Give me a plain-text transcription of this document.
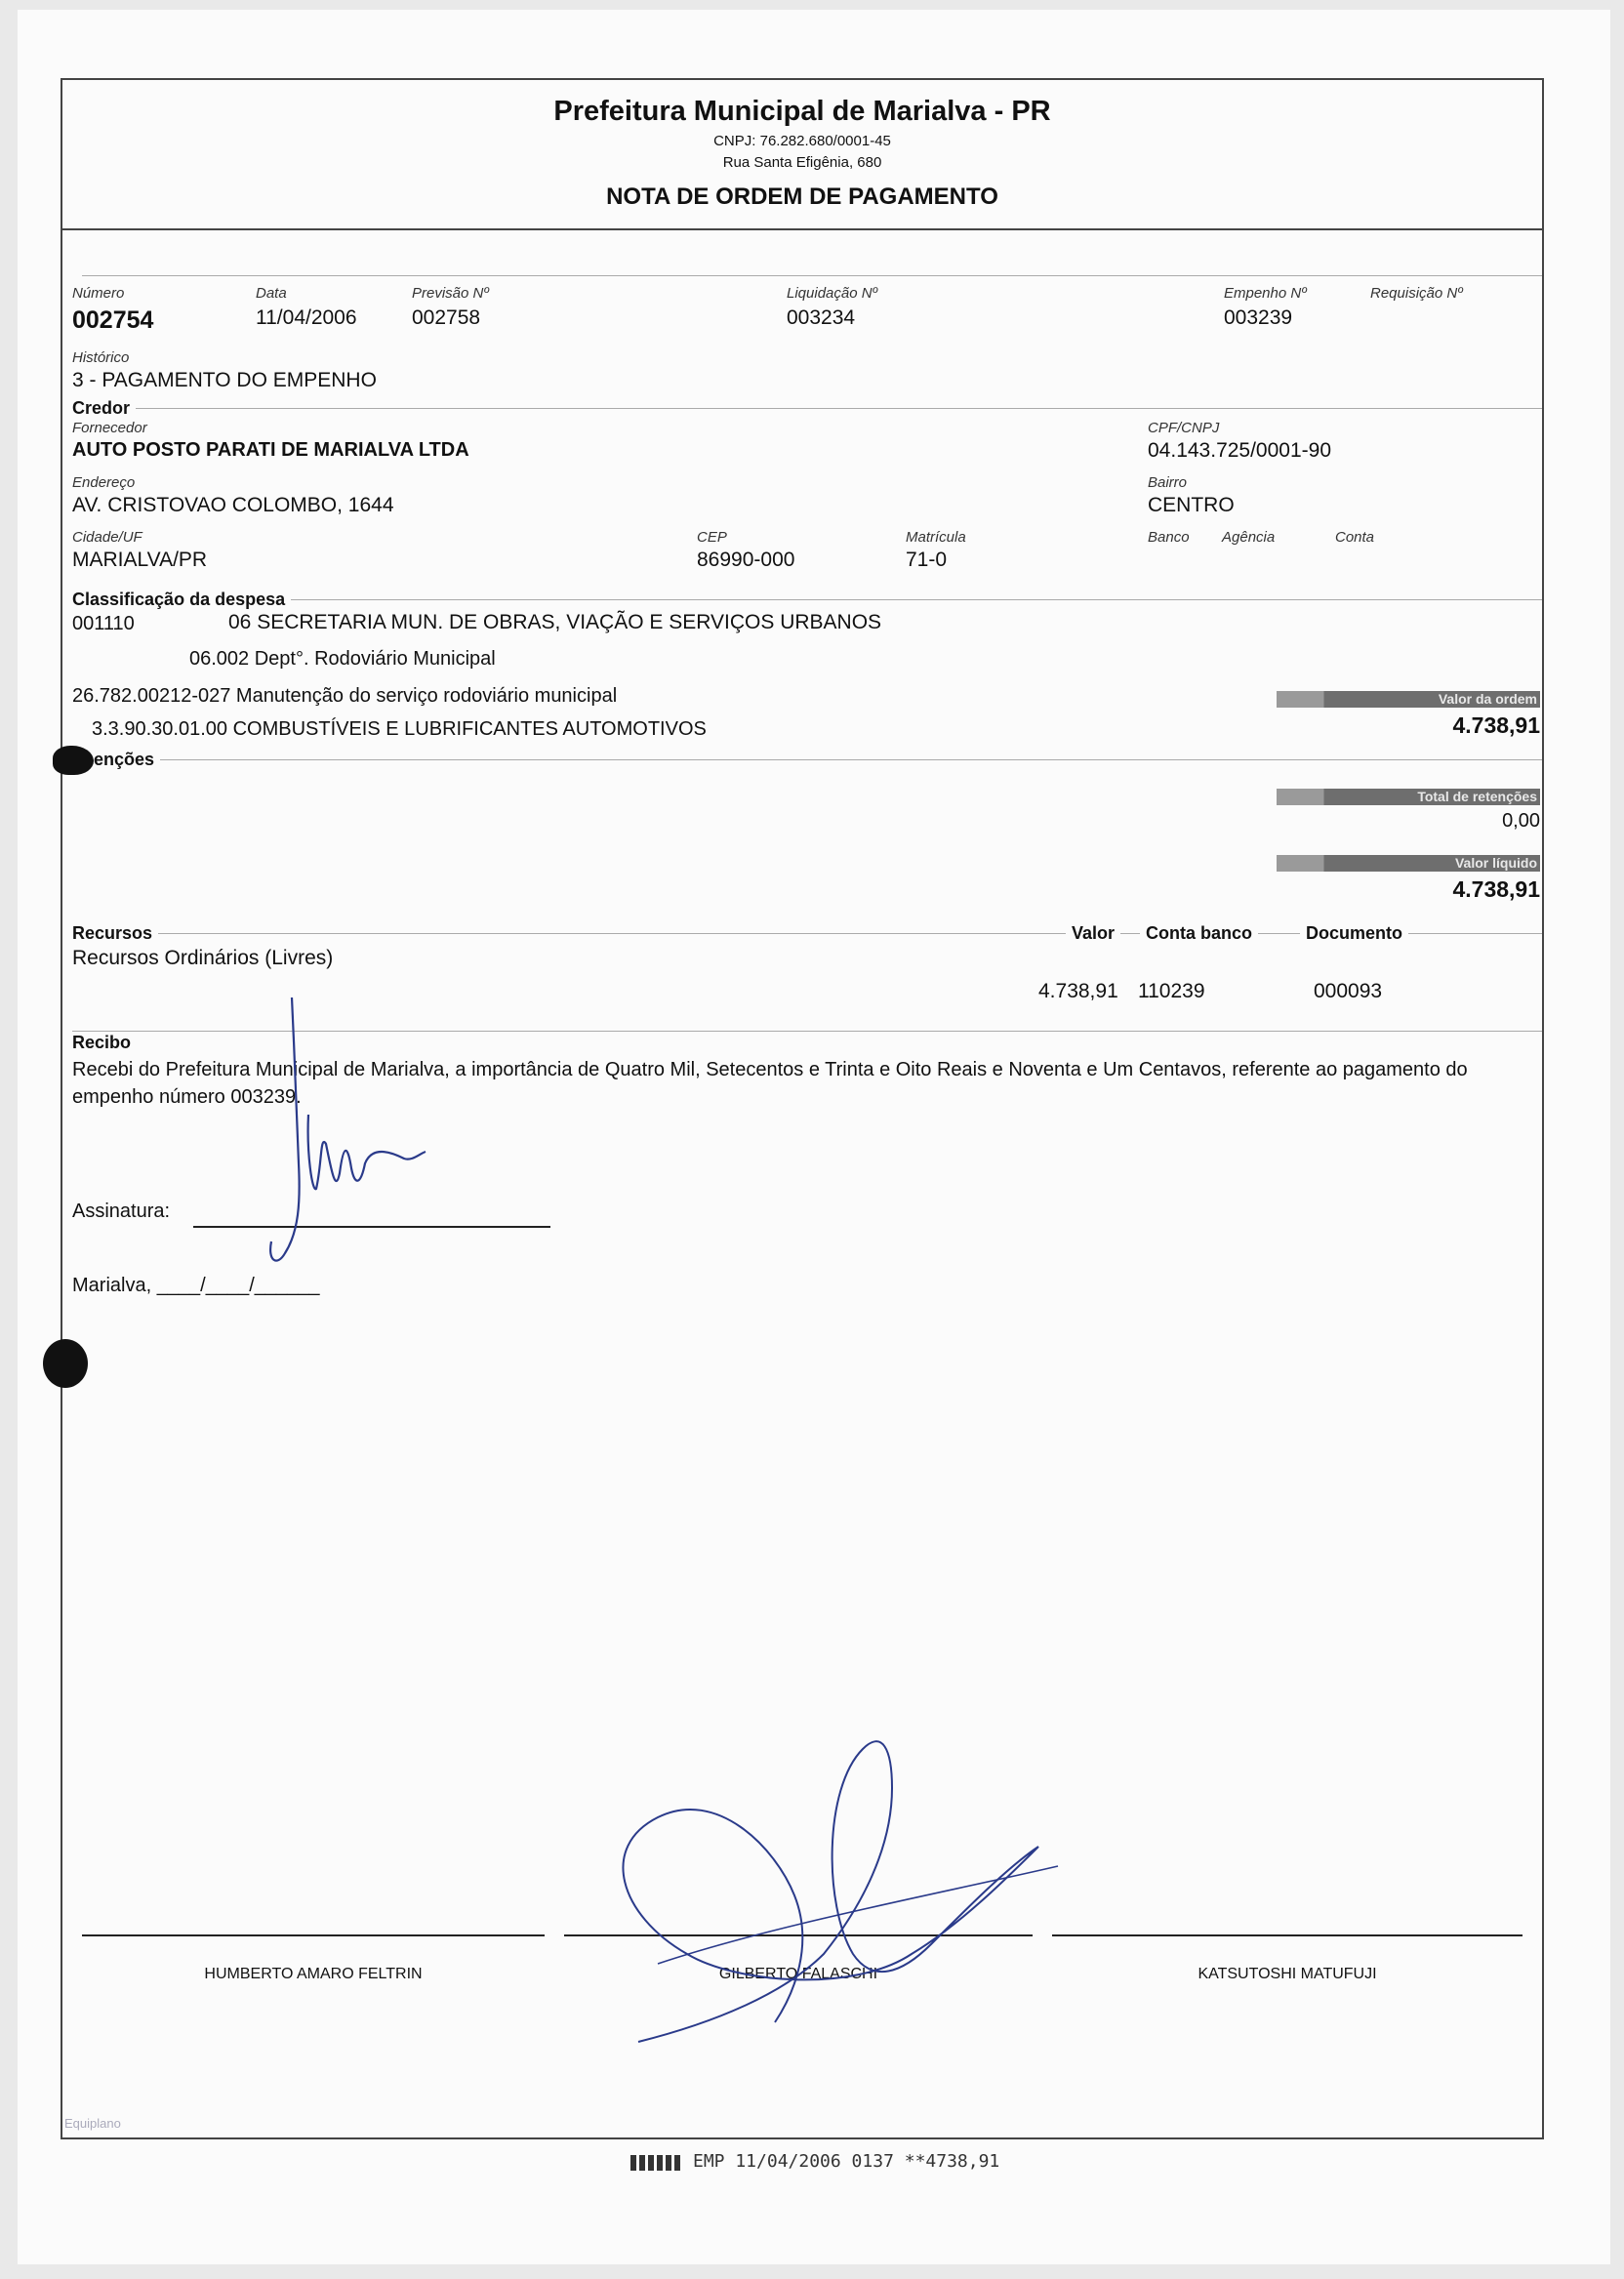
Prefeitura Municipal de Marialva - PR
CNPJ: 76.282.680/0001-45
Rua Santa Efigênia, 680
NOTA DE ORDEM DE PAGAMENTO
Número
002754
Data
11/04/2006
Previsão Nº
002758
Liquidação Nº
003234
Empenho Nº
003239
Requisição Nº
Histórico
3 - PAGAMENTO DO EMPENHO
Credor
Fornecedor
AUTO POSTO PARATI DE MARIALVA LTDA
CPF/CNPJ
04.143.725/0001-90
Endereço
AV. CRISTOVAO COLOMBO, 1644
Bairro
CENTRO
Cidade/UF
MARIALVA/PR
CEP
86990-000
Matrícula
71-0
Banco Agência	Conta
Classificação da despesa
001110	06 SECRETARIA MUN. DE OBRAS, VIAÇÃO E SERVIÇOS URBANOS
06.002 Dept°. Rodoviário Municipal
26.782.00212-027 Manutenção do serviço rodoviário municipal
3.3.90.30.01.00 COMBUSTÍVEIS E LUBRIFICANTES AUTOMOTIVOS
Valor da ordem
4.738,91
enções
Total de retenções
0,00
Valor líquido
4.738,91
Recursos	Valor	Conta banco	Documento
Recursos Ordinários (Livres)
4.738,91 110239	000093
Recibo
Recebi do Prefeitura Municipal de Marialva, a importância de Quatro Mil, Setecentos e Trinta e Oito Reais e Noventa e Um Centavos, referente ao pagamento do empenho número 003239.
Assinatura:
Marialva, ____/____/______
HUMBERTO AMARO FELTRIN	GILBERTO FALASCHI	KATSUTOSHI MATUFUJI
Equiplano
EMP 11/04/2006 0137 **4738,91
